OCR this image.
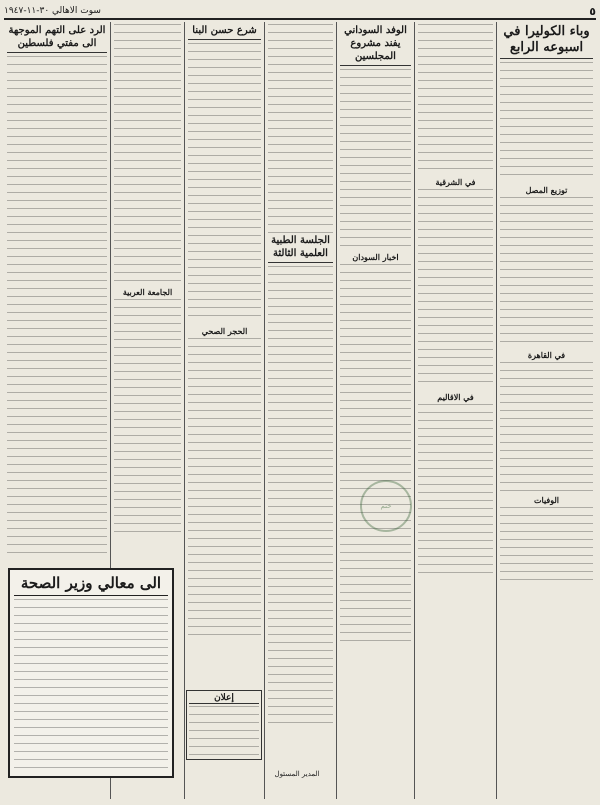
٥
سوت الاهالي ٣٠-١١-١٩٤٧
وباء الكوليرا في اسبوعه الرابع
توزيع المصل
في القاهرة
الوفيات
في الشرقية
في الاقاليم
الوفد السوداني يفند مشروع المجلسين
اخبار السودان
الجلسة الطبية العلمية الثالثة
شرع حسن البنا
الحجر الصحي
الجامعة العربية
الرد على التهم الموجهة الى مفتي فلسطين
الى معالي وزير الصحة
إعلان
المدير المسئول
ختم
